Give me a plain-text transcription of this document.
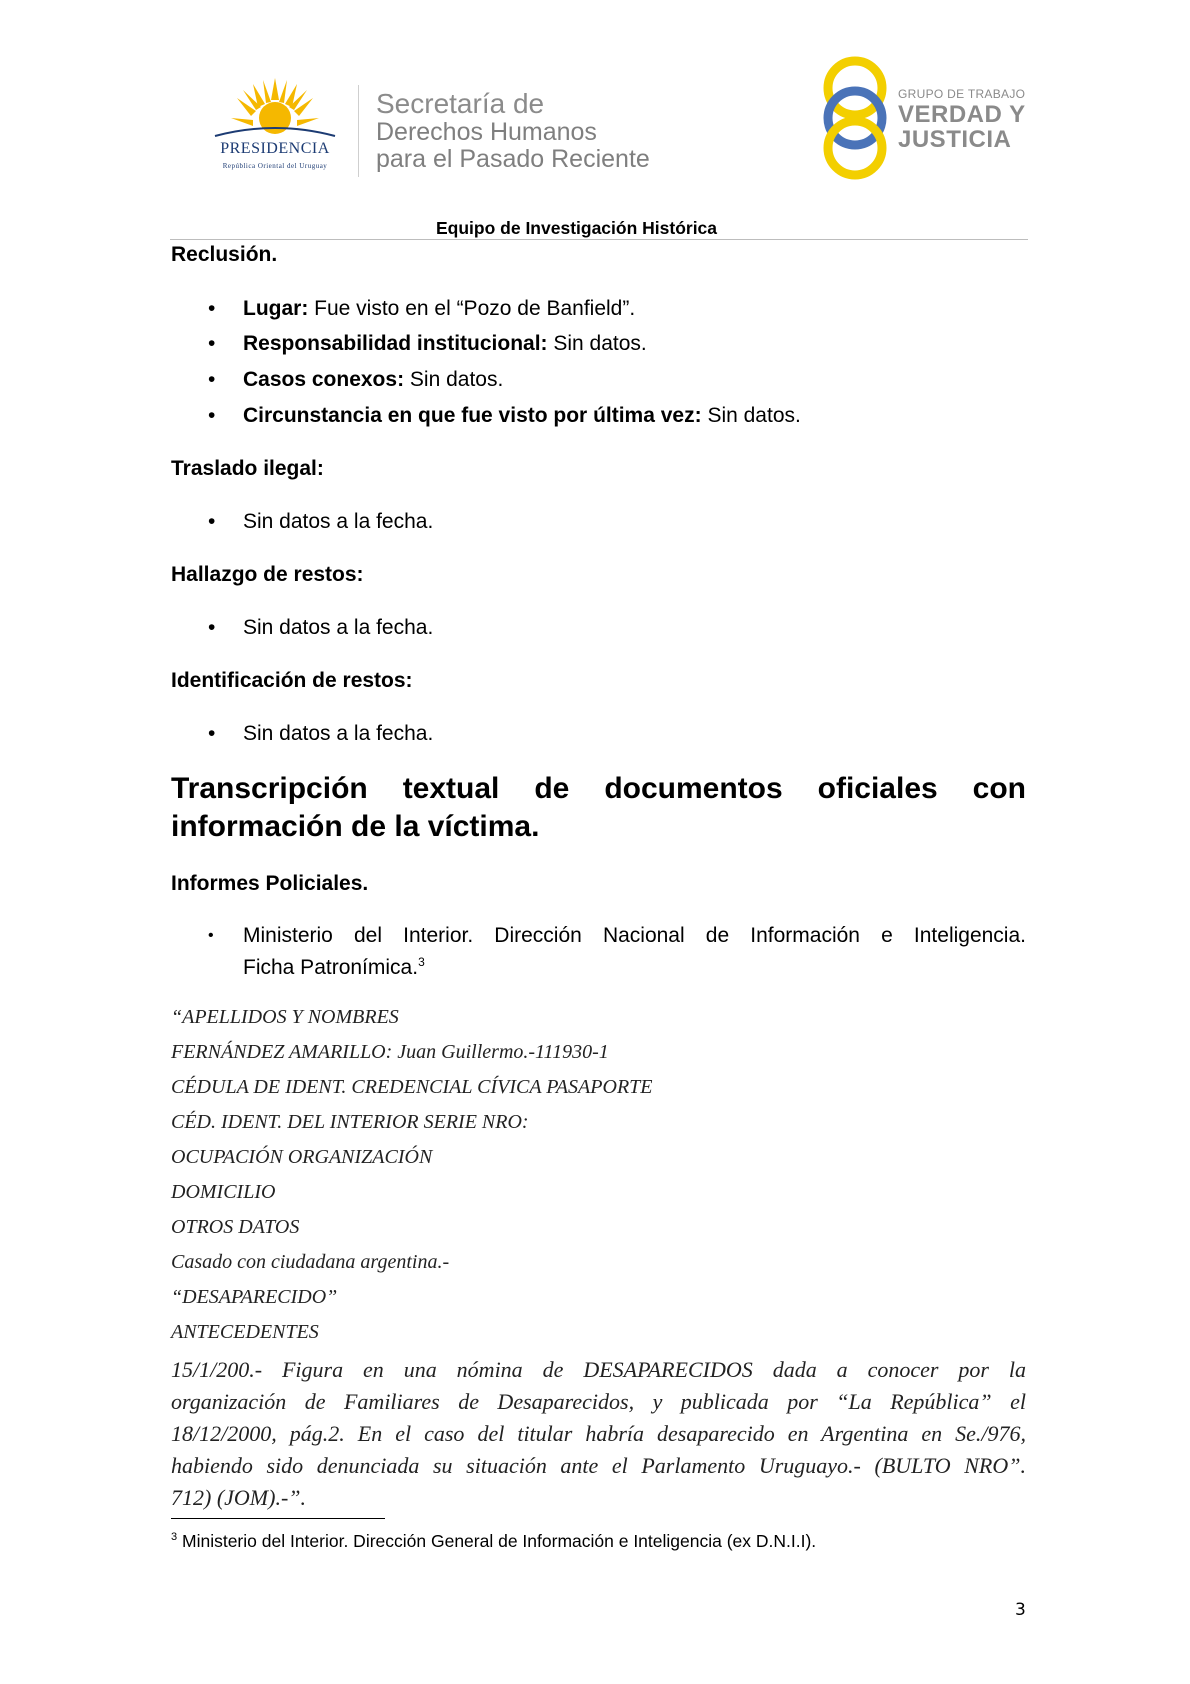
PRESIDENCIA
República Oriental del Uruguay
Secretaría de
Derechos Humanos
para el Pasado Reciente
GRUPO DE TRABAJO
VERDAD Y
JUSTICIA
Equipo de Investigación Histórica
Reclusión.
• Lugar: Fue visto en el “Pozo de Banfield”.
• Responsabilidad institucional: Sin datos.
• Casos conexos: Sin datos.
• Circunstancia en que fue visto por última vez: Sin datos.
Traslado ilegal:
• Sin datos a la fecha.
Hallazgo de restos:
• Sin datos a la fecha.
Identificación de restos:
• Sin datos a la fecha.
Transcripción textual de documentos oficiales con
información de la víctima.
Informes Policiales.
• Ministerio del Interior. Dirección Nacional de Información e Inteligencia.
Ficha Patronímica.$^3$
“APELLIDOS Y NOMBRES
FERNÁNDEZ AMARILLO: Juan Guillermo.-111930-1
CÉDULA DE IDENT. CREDENCIAL CÍVICA PASAPORTE
CÉD. IDENT. DEL INTERIOR SERIE NRO:
OCUPACIÓN ORGANIZACIÓN
DOMICILIO
OTROS DATOS
Casado con ciudadana argentina.-
“DESAPARECIDO”
ANTECEDENTES
15/1/200.- Figura en una nómina de DESAPARECIDOS dada a conocer por la
organización de Familiares de Desaparecidos, y publicada por “La República” el
18/12/2000, pág.2. En el caso del titular habría desaparecido en Argentina en Se./976,
habiendo sido denunciada su situación ante el Parlamento Uruguayo.- (BULTO NRO”.
712) (JOM).-”.
$^3$ Ministerio del Interior. Dirección General de Información e Inteligencia (ex D.N.I.I).
3
